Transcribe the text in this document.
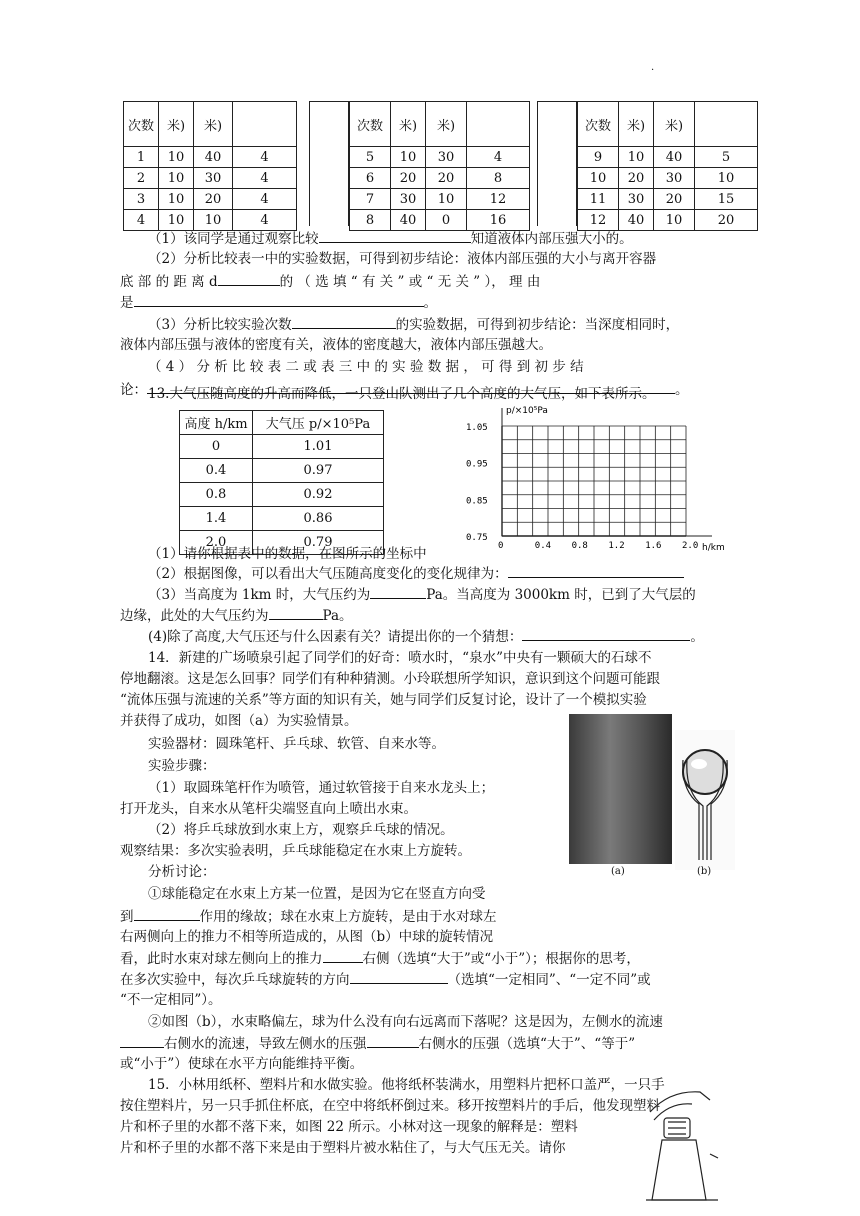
.
次数	米)	米)	
1	10	40	4
2	10	30	4
3	10	20	4
4	10	10	4
次数	米)	米)	
5	10	30	4
6	20	20	8
7	30	10	12
8	40	0	16
次数	米)	米)	
9	10	40	5
10	20	30	10
11	30	20	15
12	40	10	20
（1）该同学是通过观察比较	知道液体内部压强大小的。
（2）分析比较表一中的实验数据，可得到初步结论：液体内部压强的大小与离开容器
底 部 的 距 离 d	的 （ 选 填 “ 有 关 ” 或 “ 无 关 ” ）， 理 由
是	。
（3）分析比较实验次数	的实验数据，可得到初步结论：当深度相同时，
液体内部压强与液体的密度有关，液体的密度越大，液体内部压强越大。
（ 4 ） 分 析 比 较 表 二 或 表 三 中 的 实 验 数 据 ， 可 得 到 初 步 结
论：	。
13.大气压随高度的升高而降低，一只登山队测出了几个高度的大气压，如下表所示。
高度 h/km	大气压 p/×10⁵Pa
0	1.01
0.4	0.97
0.8	0.92
1.4	0.86
2.0	0.79
p/×10⁵Pa
h/km
1.05
0.95
0.85
0.75
0	0.4 0.8 1.2 1.6 2.0
（1）请你根据表中的数据，在图所示的坐标中
（2）根据图像，可以看出大气压随高度变化的变化规律为：
（3）当高度为 1km 时，大气压约为	Pa。当高度为 3000km 时，已到了大气层的
边缘，此处的大气压约为	Pa。
(4)除了高度,大气压还与什么因素有关？请提出你的一个猜想：	。
14．新建的广场喷泉引起了同学们的好奇：喷水时，“泉水”中央有一颗硕大的石球不
停地翻滚。这是怎么回事？同学们有种种猜测。小玲联想所学知识，意识到这个问题可能跟
“流体压强与流速的关系”等方面的知识有关，她与同学们反复讨论，设计了一个模拟实验
并获得了成功，如图（a）为实验情景。
实验器材：圆珠笔杆、乒乓球、软管、自来水等。
实验步骤：
（1）取圆珠笔杆作为喷管，通过软管接于自来水龙头上；
打开龙头，自来水从笔杆尖端竖直向上喷出水束。
（2）将乒乓球放到水束上方，观察乒乓球的情况。
观察结果：多次实验表明，乒乓球能稳定在水束上方旋转。
分析讨论：
①球能稳定在水束上方某一位置，是因为它在竖直方向受
到	作用的缘故；球在水束上方旋转，是由于水对球左
右两侧向上的推力不相等所造成的，从图（b）中球的旋转情况
看，此时水束对球左侧向上的推力	右侧（选填“大于”或“小于”）；根据你的思考，
在多次实验中，每次乒乓球旋转的方向	（选填“一定相同”、“一定不同”或
“不一定相同”）。
②如图（b），水束略偏左，球为什么没有向右远离而下落呢？这是因为，左侧水的流速
右侧水的流速，导致左侧水的压强	右侧水的压强（选填“大于”、“等于”
或“小于”）使球在水平方向能维持平衡。
(a)	(b)
15．小林用纸杯、塑料片和水做实验。他将纸杯装满水，用塑料片把杯口盖严，一只手
按住塑料片，另一只手抓住杯底，在空中将纸杯倒过来。移开按塑料片的手后，他发现塑料
片和杯子里的水都不落下来，如图 22 所示。小林对这一现象的解释是：塑料
片和杯子里的水都不落下来是由于塑料片被水粘住了，与大气压无关。请你
